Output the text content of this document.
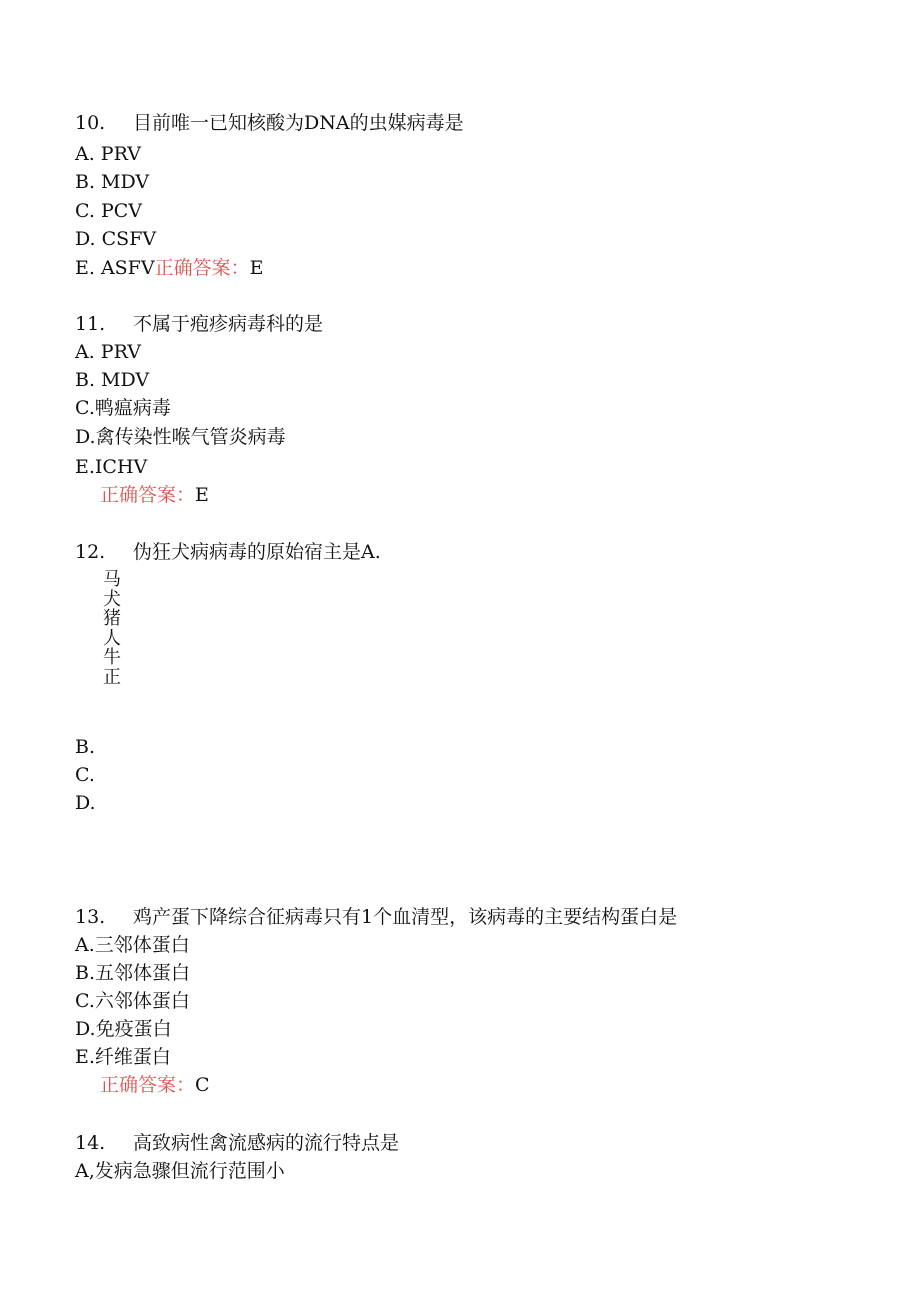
10. 目前唯一已知核酸为DNA的虫媒病毒是
A. PRV
B. MDV
C. PCV
D. CSFV
E. ASFV正确答案：E
11. 不属于疱疹病毒科的是
A. PRV
B. MDV
C.鸭瘟病毒
D.禽传染性喉气管炎病毒
E.ICHV
正确答案：E
12. 伪狂犬病病毒的原始宿主是A.
马
犬
猪
人
牛
正
B.
C.
D.
13. 鸡产蛋下降综合征病毒只有1个血清型，该病毒的主要结构蛋白是
A.三邻体蛋白
B.五邻体蛋白
C.六邻体蛋白
D.免疫蛋白
E.纤维蛋白
正确答案：C
14. 高致病性禽流感病的流行特点是
A,发病急骤但流行范围小
